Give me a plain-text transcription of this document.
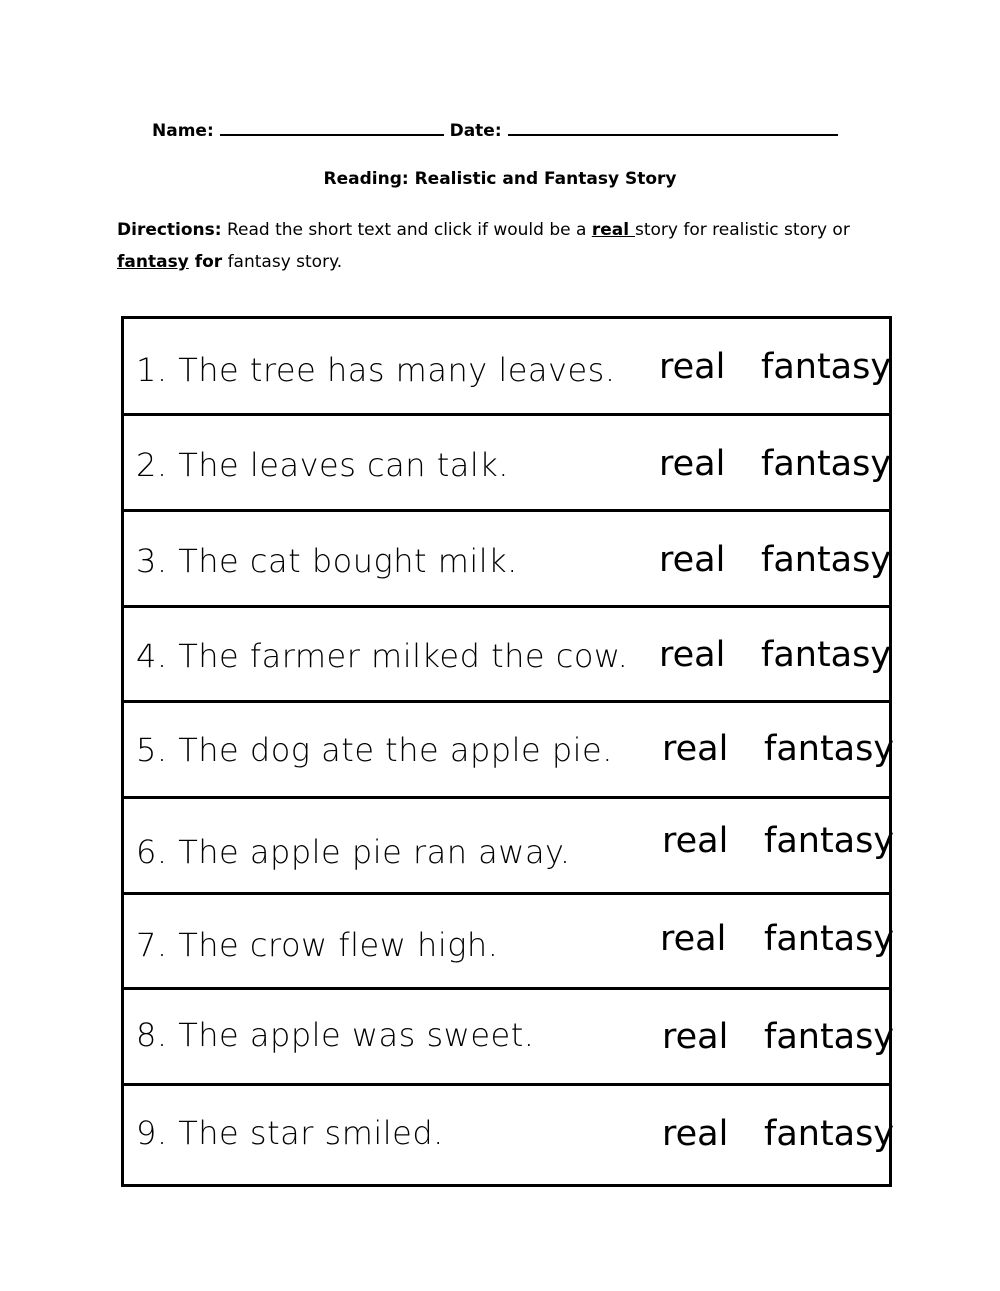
Name:	Date:
Reading: Realistic and Fantasy Story
Directions: Read the short text and click if would be a real story for realistic story or fantasy for fantasy story.
1. The tree has many leaves. real fantasy
2. The leaves can talk.	real fantasy
3. The cat bought milk.	real fantasy
4. The farmer milked the cow. real fantasy
5. The dog ate the apple pie. real fantasy
6. The apple pie ran away.	real fantasy
7. The crow flew high.	real fantasy
8. The apple was sweet.	real fantasy
9. The star smiled.	real fantasy
